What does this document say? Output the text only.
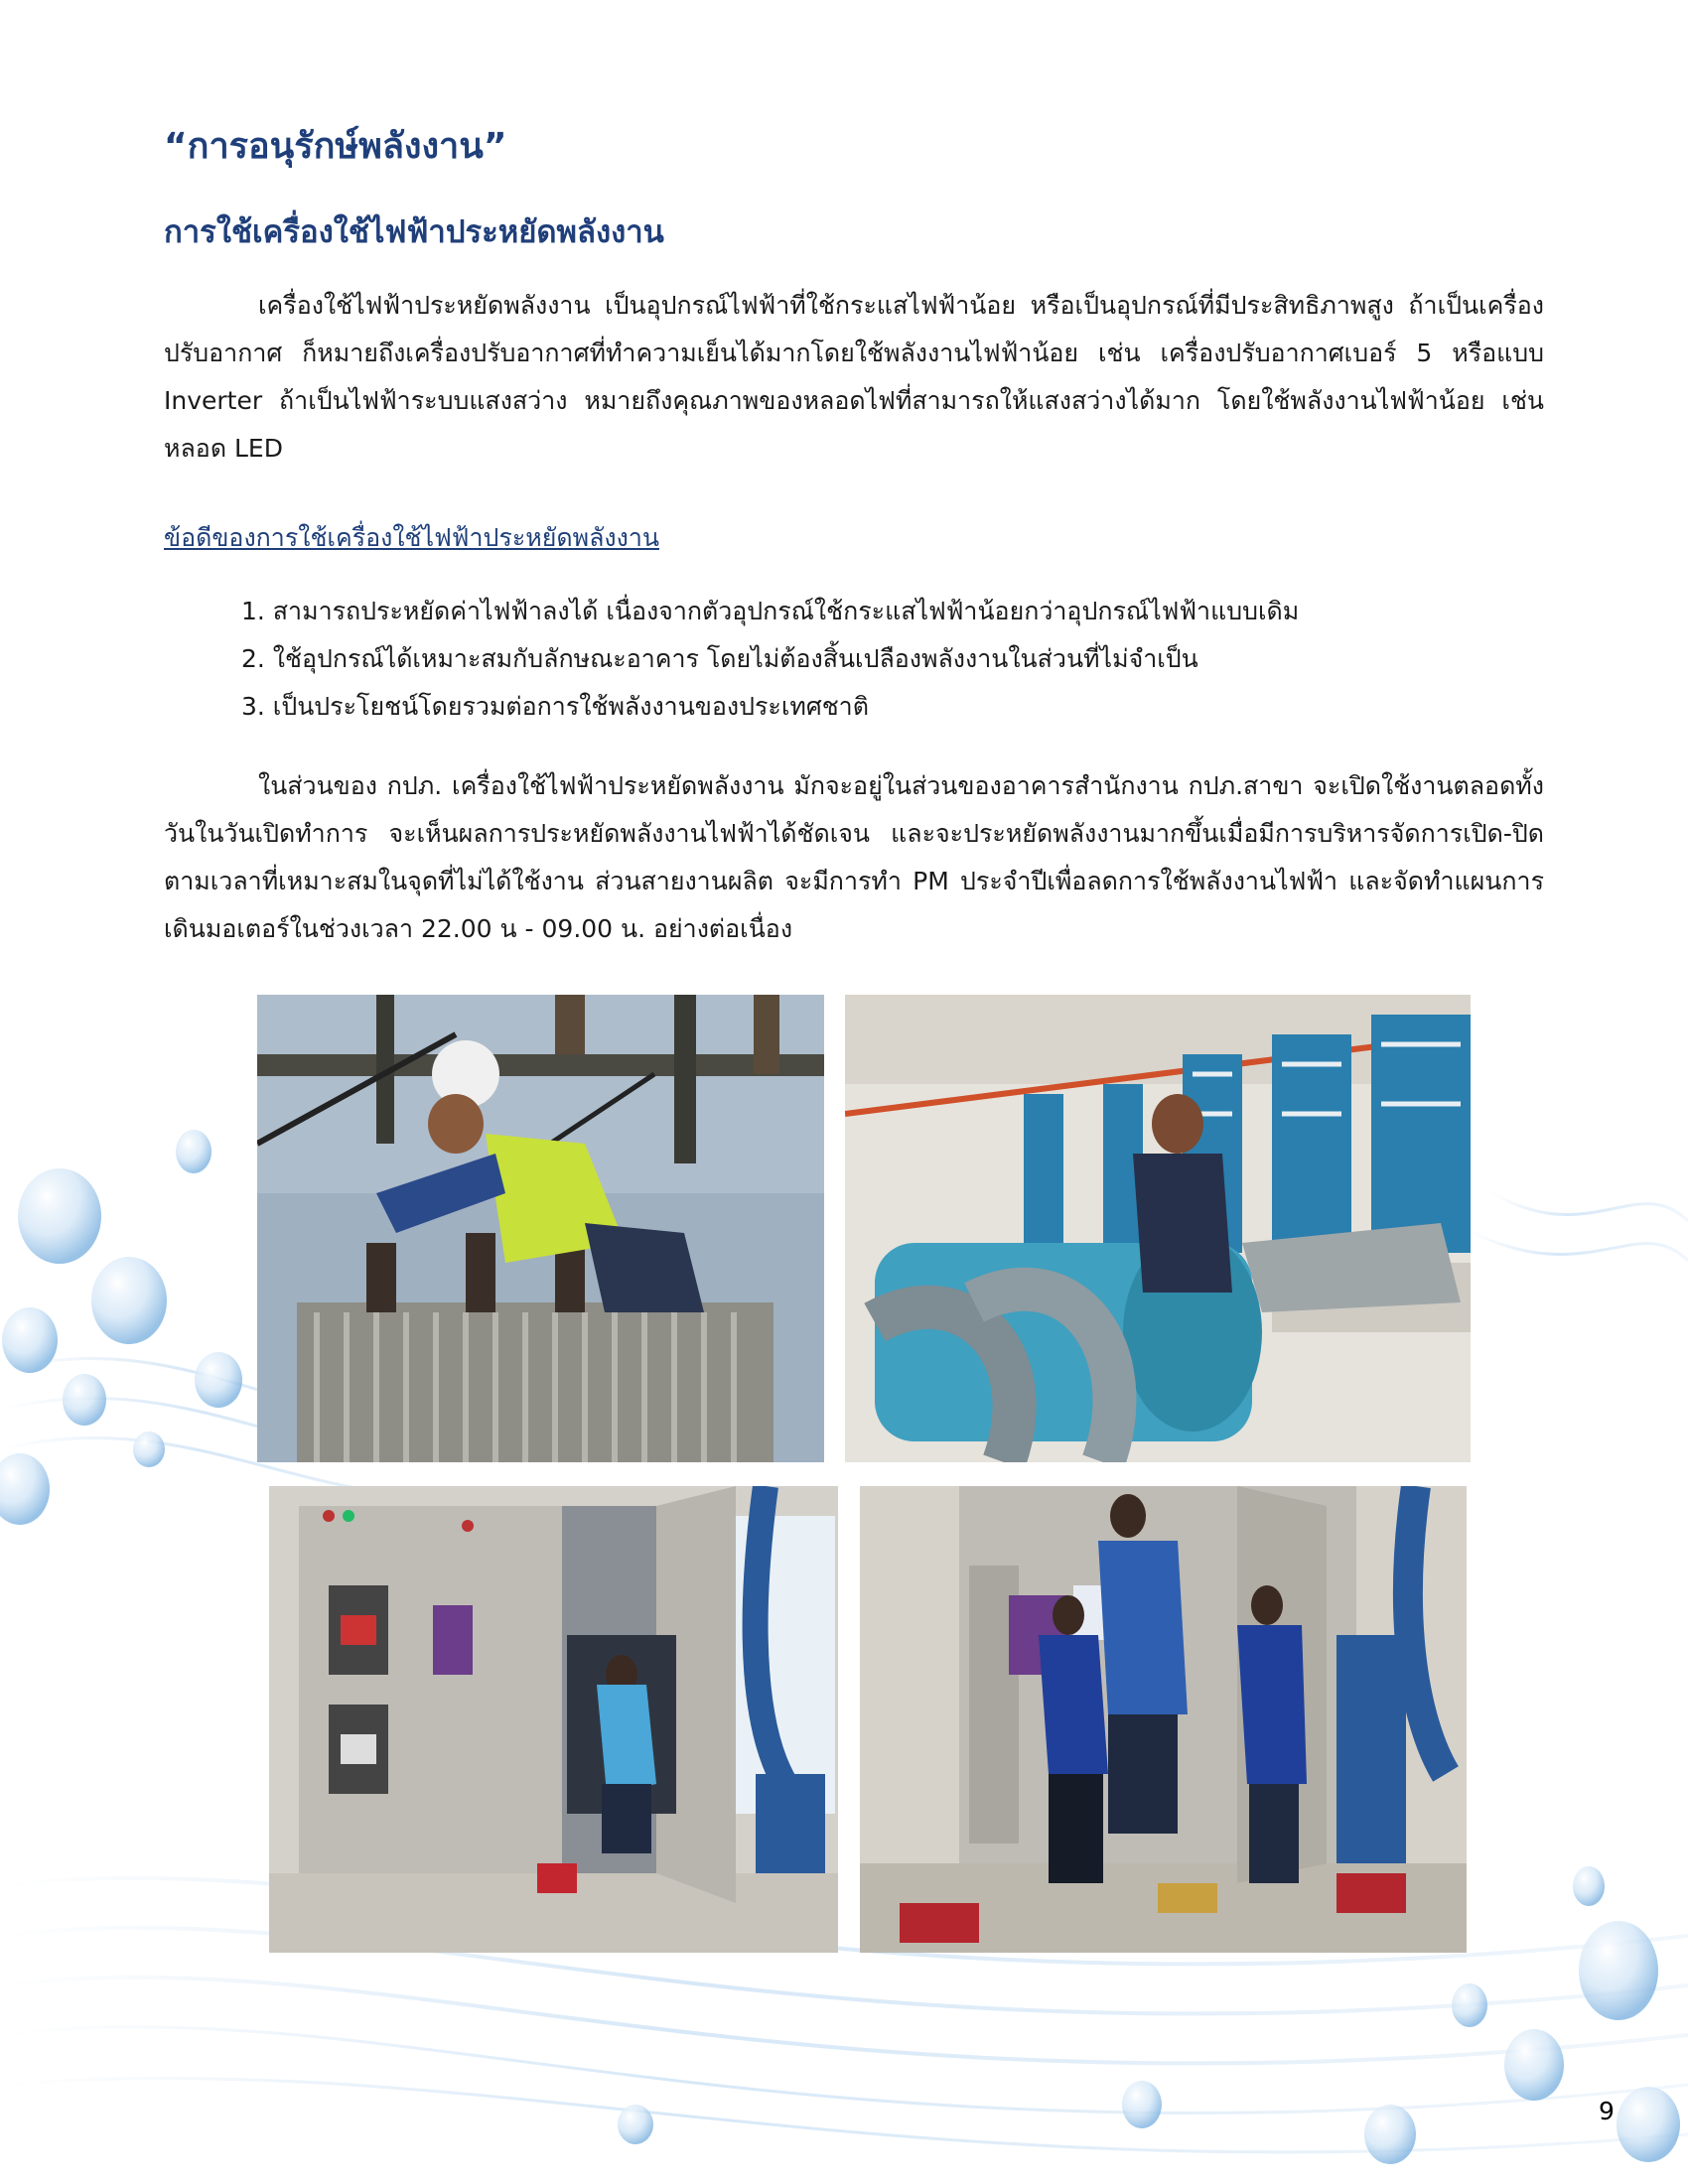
“การอนุรักษ์พลังงาน”
การใช้เครื่องใช้ไฟฟ้าประหยัดพลังงาน
เครื่องใช้ไฟฟ้าประหยัดพลังงาน เป็นอุปกรณ์ไฟฟ้าที่ใช้กระแสไฟฟ้าน้อย หรือเป็นอุปกรณ์ที่มีประสิทธิภาพสูง ถ้าเป็นเครื่องปรับอากาศ ก็หมายถึงเครื่องปรับอากาศที่ทำความเย็นได้มากโดยใช้พลังงานไฟฟ้าน้อย เช่น เครื่องปรับอากาศเบอร์ 5 หรือแบบ Inverter ถ้าเป็นไฟฟ้าระบบแสงสว่าง หมายถึงคุณภาพของหลอดไฟที่สามารถให้แสงสว่างได้มาก โดยใช้พลังงานไฟฟ้าน้อย เช่น หลอด LED
ข้อดีของการใช้เครื่องใช้ไฟฟ้าประหยัดพลังงาน
1. สามารถประหยัดค่าไฟฟ้าลงได้ เนื่องจากตัวอุปกรณ์ใช้กระแสไฟฟ้าน้อยกว่าอุปกรณ์ไฟฟ้าแบบเดิม
2. ใช้อุปกรณ์ได้เหมาะสมกับลักษณะอาคาร โดยไม่ต้องสิ้นเปลืองพลังงานในส่วนที่ไม่จำเป็น
3. เป็นประโยชน์โดยรวมต่อการใช้พลังงานของประเทศชาติ
ในส่วนของ กปภ. เครื่องใช้ไฟฟ้าประหยัดพลังงาน มักจะอยู่ในส่วนของอาคารสำนักงาน กปภ.สาขา จะเปิดใช้งานตลอดทั้งวันในวันเปิดทำการ จะเห็นผลการประหยัดพลังงานไฟฟ้าได้ชัดเจน และจะประหยัดพลังงานมากขึ้นเมื่อมีการบริหารจัดการเปิด-ปิด ตามเวลาที่เหมาะสมในจุดที่ไม่ได้ใช้งาน ส่วนสายงานผลิต จะมีการทำ PM ประจำปีเพื่อลดการใช้พลังงานไฟฟ้า และจัดทำแผนการเดินมอเตอร์ในช่วงเวลา 22.00 น - 09.00 น. อย่างต่อเนื่อง
9
